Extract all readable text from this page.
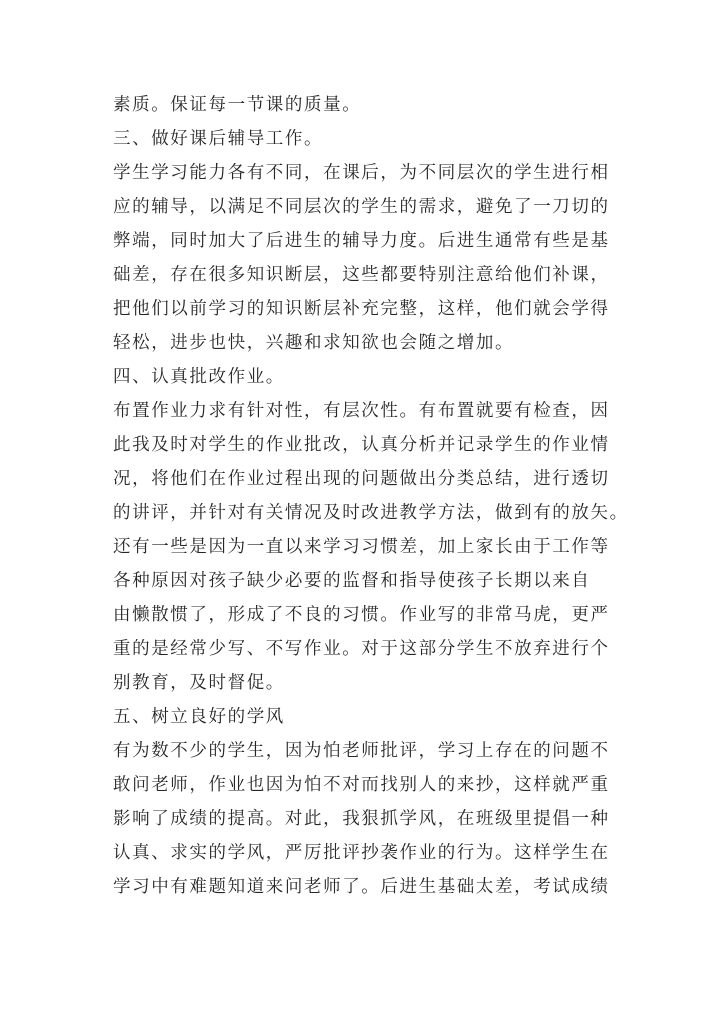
素质。保证每一节课的质量。
三、做好课后辅导工作。
学生学习能力各有不同，在课后，为不同层次的学生进行相
应的辅导，以满足不同层次的学生的需求，避免了一刀切的
弊端，同时加大了后进生的辅导力度。后进生通常有些是基
础差，存在很多知识断层，这些都要特别注意给他们补课，
把他们以前学习的知识断层补充完整，这样，他们就会学得
轻松，进步也快，兴趣和求知欲也会随之增加。
四、认真批改作业。
布置作业力求有针对性，有层次性。有布置就要有检查，因
此我及时对学生的作业批改，认真分析并记录学生的作业情
况，将他们在作业过程出现的问题做出分类总结，进行透切
的讲评，并针对有关情况及时改进教学方法，做到有的放矢。
还有一些是因为一直以来学习习惯差，加上家长由于工作等
各种原因对孩子缺少必要的监督和指导使孩子长期以来自
由懒散惯了，形成了不良的习惯。作业写的非常马虎，更严
重的是经常少写、不写作业。对于这部分学生不放弃进行个
别教育，及时督促。
五、树立良好的学风
有为数不少的学生，因为怕老师批评，学习上存在的问题不
敢问老师，作业也因为怕不对而找别人的来抄，这样就严重
影响了成绩的提高。对此，我狠抓学风，在班级里提倡一种
认真、求实的学风，严厉批评抄袭作业的行为。这样学生在
学习中有难题知道来问老师了。后进生基础太差，考试成绩
